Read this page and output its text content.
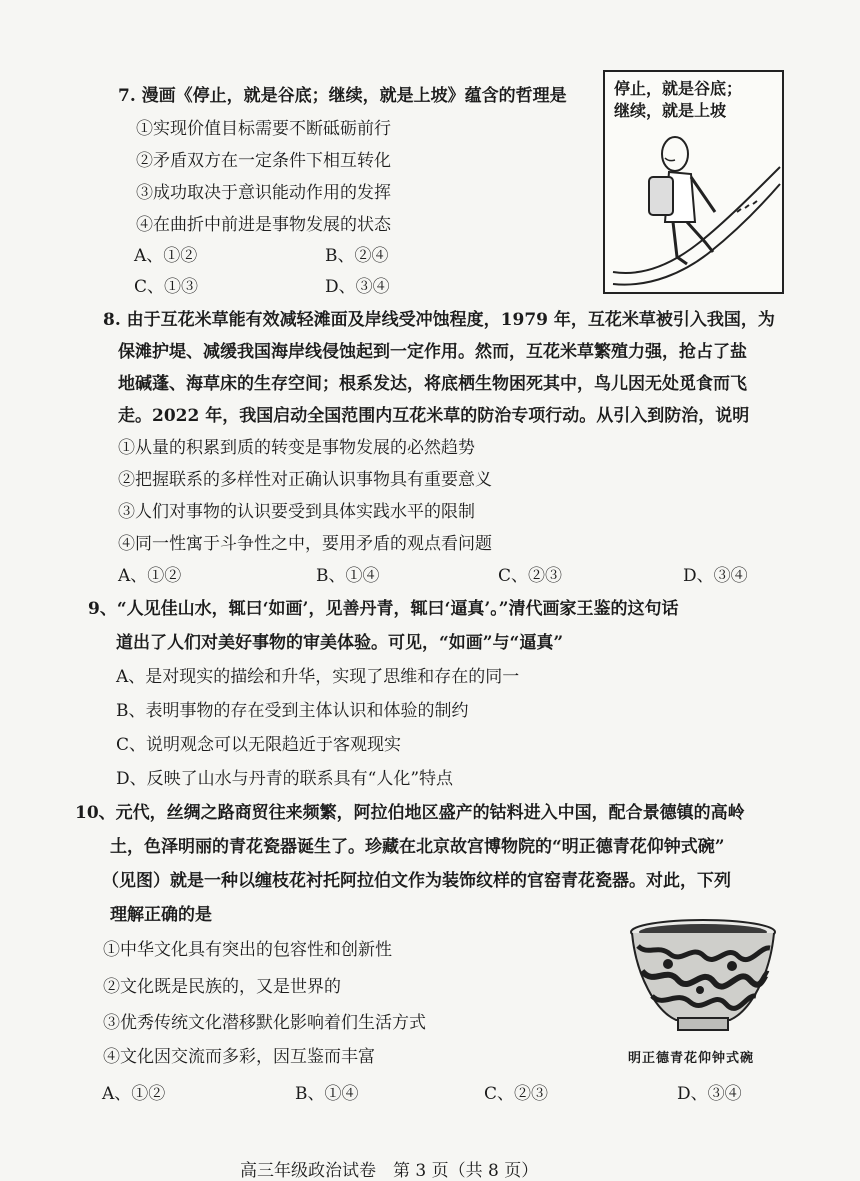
7. 漫画《停止，就是谷底；继续，就是上坡》蕴含的哲理是
①实现价值目标需要不断砥砺前行
②矛盾双方在一定条件下相互转化
③成功取决于意识能动作用的发挥
④在曲折中前进是事物发展的状态
A、①②	B、②④
C、①③	D、③④
停止，就是谷底；
继续，就是上坡
8. 由于互花米草能有效减轻滩面及岸线受冲蚀程度，1979 年，互花米草被引入我国，为
保滩护堤、减缓我国海岸线侵蚀起到一定作用。然而，互花米草繁殖力强，抢占了盐
地碱蓬、海草床的生存空间；根系发达，将底栖生物困死其中，鸟儿因无处觅食而飞
走。2022 年，我国启动全国范围内互花米草的防治专项行动。从引入到防治，说明
①从量的积累到质的转变是事物发展的必然趋势
②把握联系的多样性对正确认识事物具有重要意义
③人们对事物的认识要受到具体实践水平的限制
④同一性寓于斗争性之中，要用矛盾的观点看问题
A、①②	B、①④	C、②③	D、③④
9、“人见佳山水，辄曰‘如画’，见善丹青，辄曰‘逼真’。”清代画家王鉴的这句话
道出了人们对美好事物的审美体验。可见，“如画”与“逼真”
A、是对现实的描绘和升华，实现了思维和存在的同一
B、表明事物的存在受到主体认识和体验的制约
C、说明观念可以无限趋近于客观现实
D、反映了山水与丹青的联系具有“人化”特点
10、元代，丝绸之路商贸往来频繁，阿拉伯地区盛产的钴料进入中国，配合景德镇的高岭
土，色泽明丽的青花瓷器诞生了。珍藏在北京故宫博物院的“明正德青花仰钟式碗”
（见图）就是一种以缠枝花衬托阿拉伯文作为装饰纹样的官窑青花瓷器。对此，下列
理解正确的是
①中华文化具有突出的包容性和创新性
②文化既是民族的，又是世界的
③优秀传统文化潜移默化影响着们生活方式
④文化因交流而多彩，因互鉴而丰富
A、①②	B、①④	C、②③	D、③④
明正德青花仰钟式碗
高三年级政治试卷　第 3 页（共 8 页）
